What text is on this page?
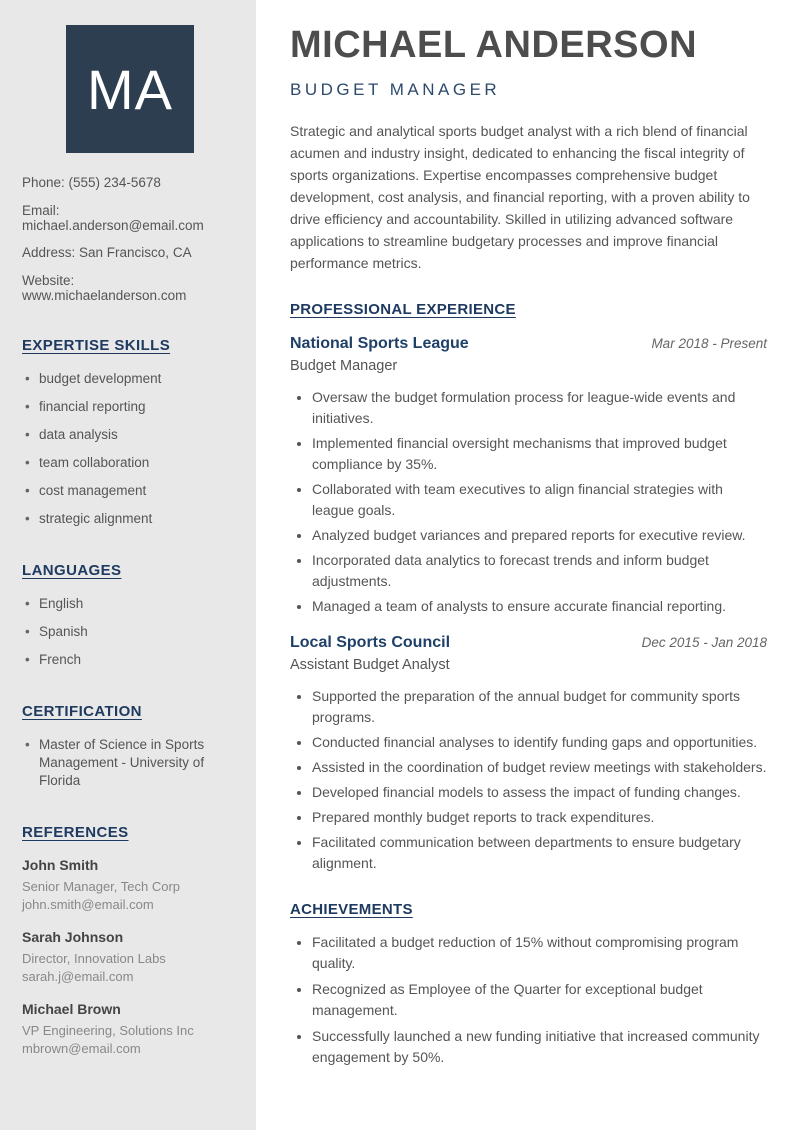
MA
Phone: (555) 234-5678
Email: michael.anderson@email.com
Address: San Francisco, CA
Website: www.michaelanderson.com
EXPERTISE SKILLS
• budget development
• financial reporting
• data analysis
• team collaboration
• cost management
• strategic alignment
LANGUAGES
• English
• Spanish
• French
CERTIFICATION
• Master of Science in Sports Management - University of Florida
REFERENCES
John Smith
Senior Manager, Tech Corp
john.smith@email.com
Sarah Johnson
Director, Innovation Labs
sarah.j@email.com
Michael Brown
VP Engineering, Solutions Inc
mbrown@email.com
MICHAEL ANDERSON
BUDGET MANAGER

Strategic and analytical sports budget analyst with a rich blend of financial acumen and industry insight, dedicated to enhancing the fiscal integrity of sports organizations. Expertise encompasses comprehensive budget development, cost analysis, and financial reporting, with a proven ability to drive efficiency and accountability. Skilled in utilizing advanced software applications to streamline budgetary processes and improve financial performance metrics.

PROFESSIONAL EXPERIENCE
National Sports League	Mar 2018 - Present
Budget Manager
• Oversaw the budget formulation process for league-wide events and initiatives.
• Implemented financial oversight mechanisms that improved budget compliance by 35%.
• Collaborated with team executives to align financial strategies with league goals.
• Analyzed budget variances and prepared reports for executive review.
• Incorporated data analytics to forecast trends and inform budget adjustments.
• Managed a team of analysts to ensure accurate financial reporting.
Local Sports Council	Dec 2015 - Jan 2018
Assistant Budget Analyst
• Supported the preparation of the annual budget for community sports programs.
• Conducted financial analyses to identify funding gaps and opportunities.
• Assisted in the coordination of budget review meetings with stakeholders.
• Developed financial models to assess the impact of funding changes.
• Prepared monthly budget reports to track expenditures.
• Facilitated communication between departments to ensure budgetary alignment.
ACHIEVEMENTS
• Facilitated a budget reduction of 15% without compromising program quality.
• Recognized as Employee of the Quarter for exceptional budget management.
• Successfully launched a new funding initiative that increased community engagement by 50%.
